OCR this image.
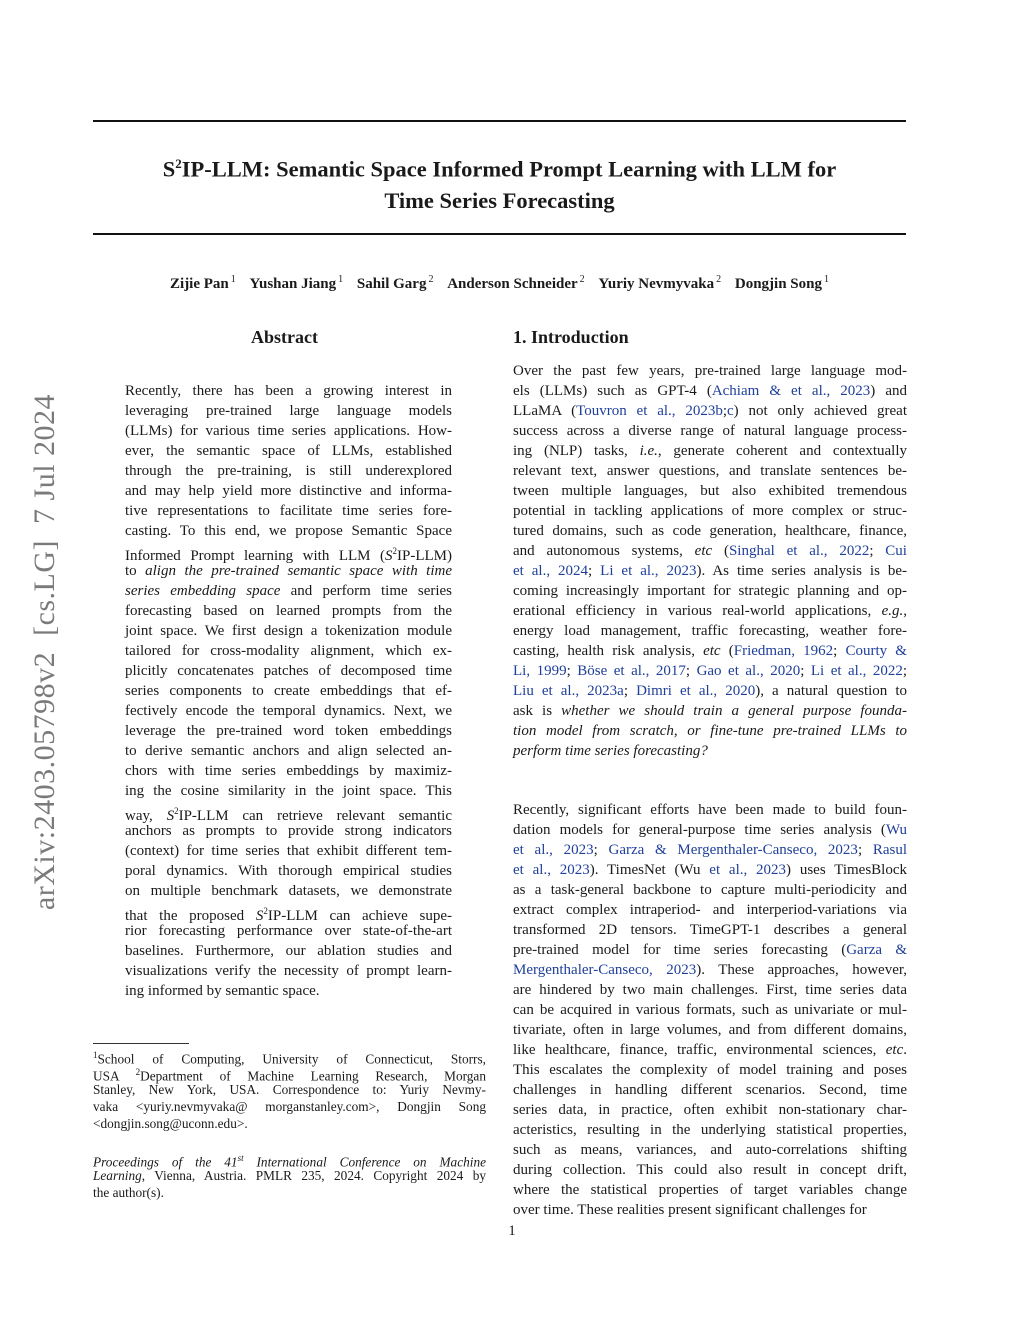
$S^2IP$-LLM: Semantic Space Informed Prompt Learning with LLM for
Time Series Forecasting
Zijie Pan $^1$ Yushan Jiang $^1$ Sahil Garg $^2$ Anderson Schneider $^2$ Yuriy Nevmyvaka $^2$ Dongjin Song $^1$
arXiv:2403.05798v2[cs.LG]7 Jul 2024
Abstract
Recently, there has been a growing interest in
leveraging pre-trained large language models
(LLMs) for various time series applications. How-
ever, the semantic space of LLMs, established
through the pre-training, is still underexplored
and may help yield more distinctive and informa-
tive representations to facilitate time series fore-
casting. To this end, we propose Semantic Space
Informed Prompt learning with LLM $(S^2IP-LLM)$
to align the pre-trained semantic space with time
series embedding space and perform time series
forecasting based on learned prompts from the
joint space. We first design a tokenization module
tailored for cross-modality alignment, which ex-
plicitly concatenates patches of decomposed time
series components to create embeddings that ef-
fectively encode the temporal dynamics. Next, we
leverage the pre-trained word token embeddings
to derive semantic anchors and align selected an-
chors with time series embeddings by maximiz-
ing the cosine similarity in the joint space. This
way, $S^2IP$-LLM can retrieve relevant semantic
anchors as prompts to provide strong indicators
(context) for time series that exhibit different tem-
poral dynamics. With thorough empirical studies
on multiple benchmark datasets, we demonstrate
that the proposed $S^2IP$-LLM can achieve supe-
rior forecasting performance over state-of-the-art
baselines. Furthermore, our ablation studies and
visualizations verify the necessity of prompt learn-
ing informed by semantic space.
Proceedings of the 41st International Conference on Machine
Learning, Vienna, Austria. PMLR 235, 2024. Copyright 2024 by
the author(s).
$^1$School of Computing, University of Connecticut, Storrs,
USA $^2$Department of Machine Learning Research, Morgan
Stanley, New York, USA. Correspondence to: Yuriy Nevmy-
vaka <yuriy.nevmyvaka@ morganstanley.com>, Dongjin Song
<dongjin.song@uconn.edu>.
1. Introduction
Over the past few years, pre-trained large language mod-
els (LLMs) such as GPT-4 (Achiam & et al., 2023) and
LLaMA (Touvron et al., 2023b;c) not only achieved great
success across a diverse range of natural language process-
ing (NLP) tasks, i.e., generate coherent and contextually
relevant text, answer questions, and translate sentences be-
tween multiple languages, but also exhibited tremendous
potential in tackling applications of more complex or struc-
tured domains, such as code generation, healthcare, finance,
and autonomous systems, etc (Singhal et al., 2022; Cui
et al., 2024; Li et al., 2023). As time series analysis is be-
coming increasingly important for strategic planning and op-
erational efficiency in various real-world applications, e.g.,
energy load management, traffic forecasting, weather fore-
casting, health risk analysis, etc (Friedman, 1962; Courty &
Li, 1999; Böse et al., 2017; Gao et al., 2020; Li et al., 2022;
Liu et al., 2023a; Dimri et al., 2020), a natural question to
ask is whether we should train a general purpose founda-
tion model from scratch, or fine-tune pre-trained LLMs to
perform time series forecasting?
Recently, significant efforts have been made to build foun-
dation models for general-purpose time series analysis (Wu
et al., 2023; Garza & Mergenthaler-Canseco, 2023; Rasul
et al., 2023). TimesNet (Wu et al., 2023) uses TimesBlock
as a task-general backbone to capture multi-periodicity and
extract complex intraperiod- and interperiod-variations via
transformed 2D tensors. TimeGPT-1 describes a general
pre-trained model for time series forecasting (Garza &
Mergenthaler-Canseco, 2023). These approaches, however,
are hindered by two main challenges. First, time series data
can be acquired in various formats, such as univariate or mul-
tivariate, often in large volumes, and from different domains,
like healthcare, finance, traffic, environmental sciences, etc.
This escalates the complexity of model training and poses
challenges in handling different scenarios. Second, time
series data, in practice, often exhibit non-stationary char-
acteristics, resulting in the underlying statistical properties,
such as means, variances, and auto-correlations shifting
during collection. This could also result in concept drift,
where the statistical properties of target variables change
over time. These realities present significant challenges for
1
